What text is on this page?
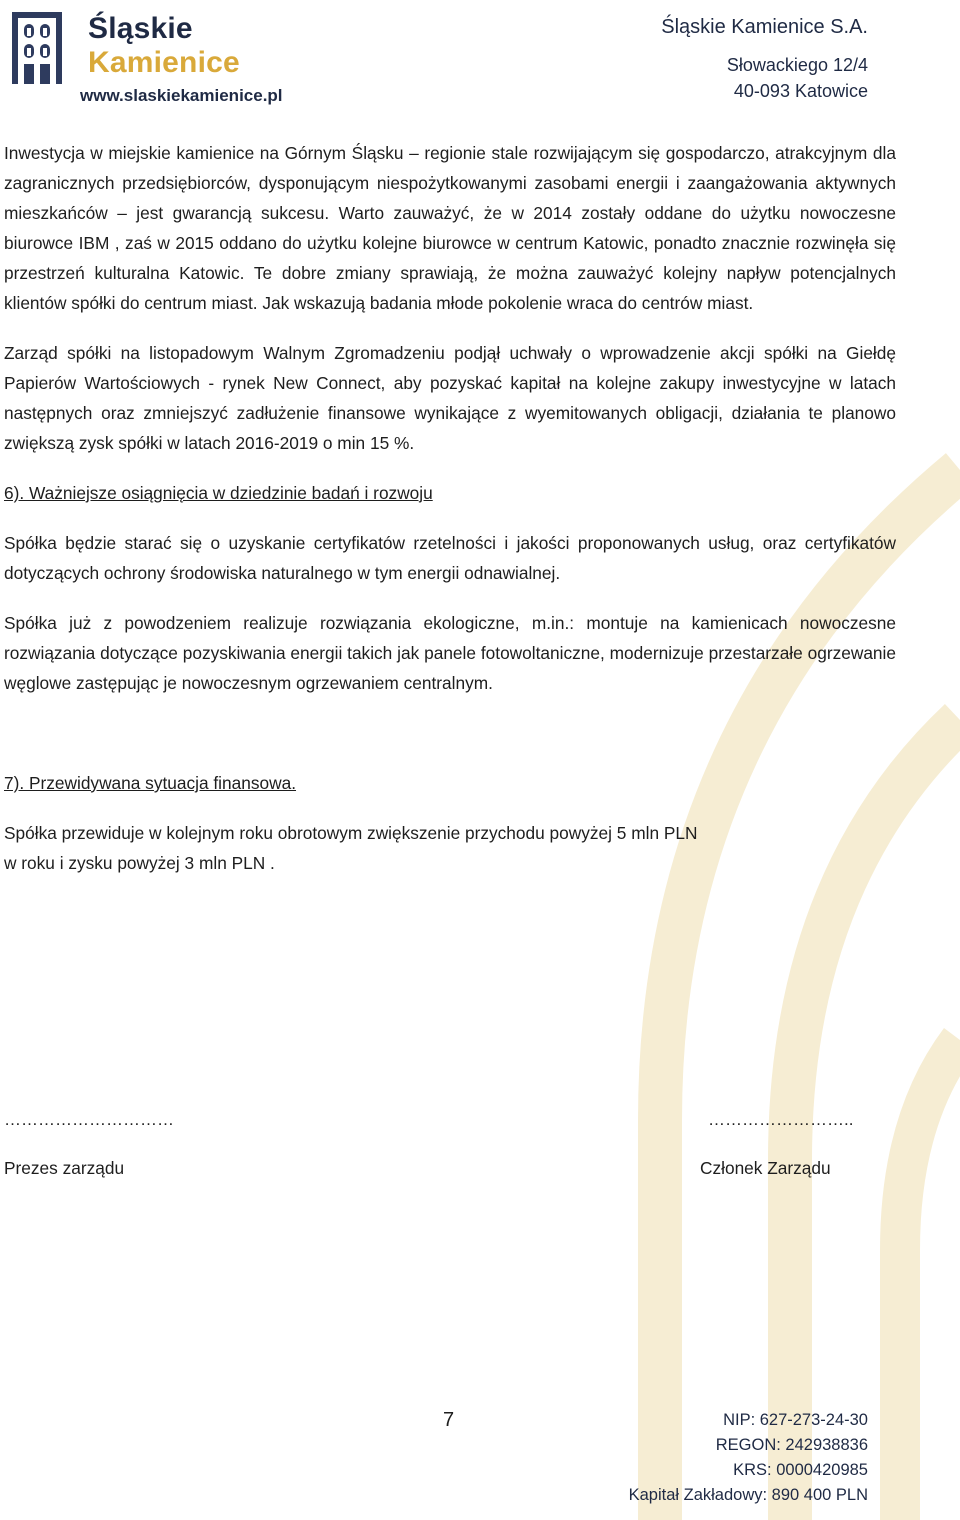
Śląskie
Kamienice
www.slaskiekamienice.pl
Śląskie Kamienice S.A.
Słowackiego 12/4
40-093 Katowice

Inwestycja w miejskie kamienice na Górnym Śląsku – regionie stale rozwijającym się gospodarczo, atrakcyjnym dla zagranicznych przedsiębiorców, dysponującym niespożytkowanymi zasobami energii i zaangażowania aktywnych mieszkańców – jest gwarancją sukcesu. Warto zauważyć, że w 2014 zostały oddane do użytku nowoczesne biurowce IBM , zaś w 2015 oddano do użytku kolejne biurowce w centrum Katowic, ponadto znacznie rozwinęła się przestrzeń kulturalna Katowic. Te dobre zmiany sprawiają, że można zauważyć kolejny napływ potencjalnych klientów spółki do centrum miast. Jak wskazują badania młode pokolenie wraca do centrów miast.

Zarząd spółki na listopadowym Walnym Zgromadzeniu podjął uchwały o wprowadzenie akcji spółki na Giełdę Papierów Wartościowych - rynek New Connect, aby pozyskać kapitał na kolejne zakupy inwestycyjne w latach następnych oraz zmniejszyć zadłużenie finansowe wynikające z wyemitowanych obligacji, działania te planowo zwiększą zysk spółki w latach 2016-2019 o min 15 %.

6). Ważniejsze osiągnięcia w dziedzinie badań i rozwoju

Spółka będzie starać się o uzyskanie certyfikatów rzetelności i jakości proponowanych usług, oraz certyfikatów dotyczących ochrony środowiska naturalnego w tym energii odnawialnej.

Spółka już z powodzeniem realizuje rozwiązania ekologiczne, m.in.: montuje na kamienicach nowoczesne rozwiązania dotyczące pozyskiwania energii takich jak panele fotowoltaniczne, modernizuje przestarzałe ogrzewanie węglowe zastępując je nowoczesnym ogrzewaniem centralnym.

7). Przewidywana sytuacja finansowa.

Spółka przewiduje w kolejnym roku obrotowym zwiększenie przychodu powyżej 5 mln PLN

w roku i zysku powyżej 3 mln PLN .

…………………………	……………………..
Prezes zarządu	Członek Zarządu
7	NIP: 627-273-24-30
REGON: 242938836
KRS: 0000420985
Kapitał Zakładowy: 890 400 PLN
